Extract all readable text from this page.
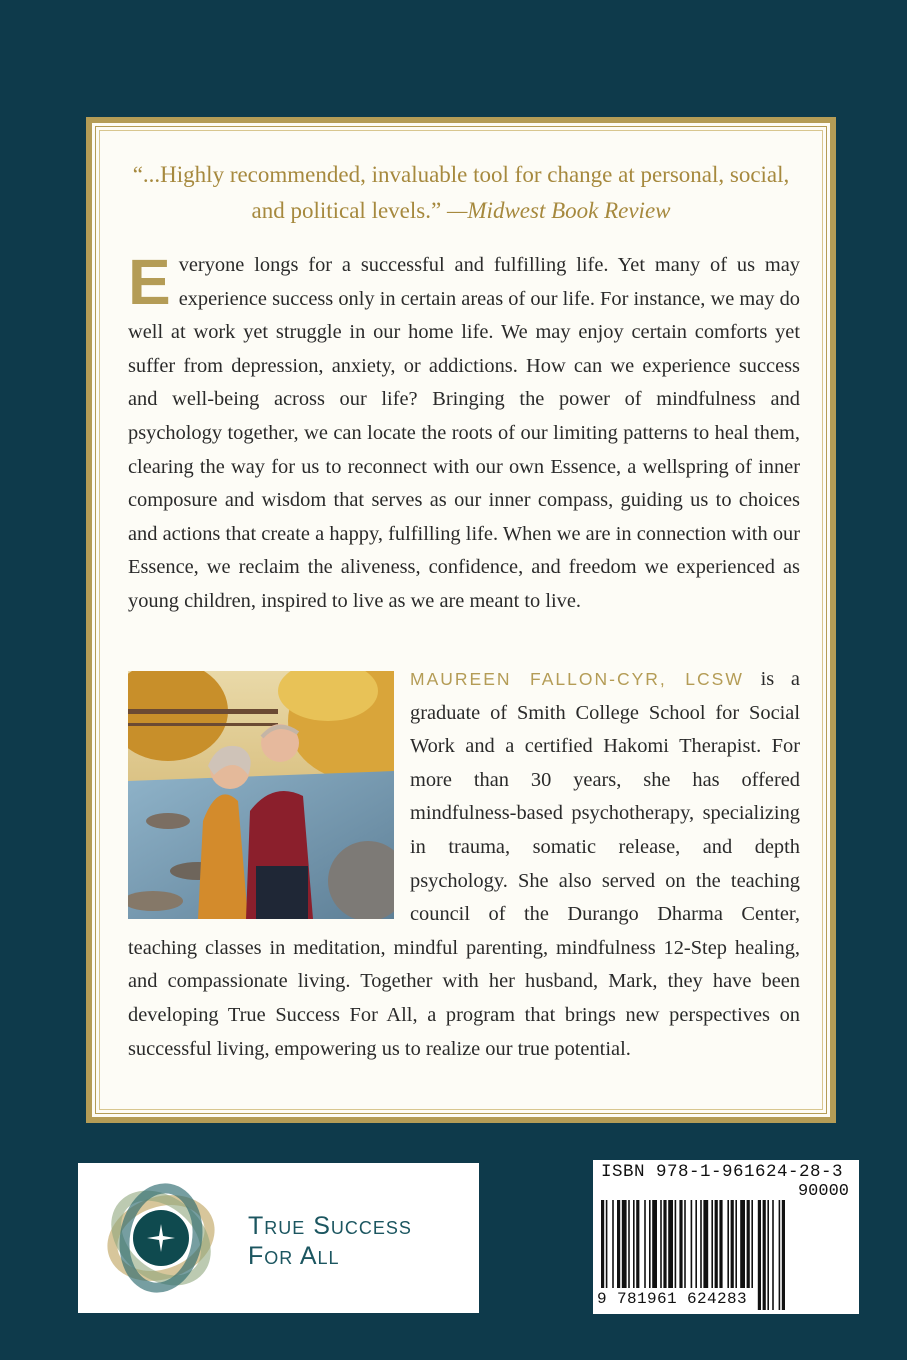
“...Highly recommended, invaluable tool for change at personal, social, and political levels.” —Midwest Book Review

Everyone longs for a successful and fulfilling life. Yet many of us may experience success only in certain areas of our life. For instance, we may do well at work yet struggle in our home life. We may enjoy certain comforts yet suffer from depression, anxiety, or addictions. How can we experience success and well-being across our life? Bringing the power of mindfulness and psychology together, we can locate the roots of our limiting patterns to heal them, clearing the way for us to reconnect with our own Essence, a wellspring of inner composure and wisdom that serves as our inner compass, guiding us to choices and actions that create a happy, fulfilling life. When we are in connection with our Essence, we reclaim the aliveness, confidence, and freedom we experienced as young children, inspired to live as we are meant to live.

MAUREEN FALLON-CYR, LCSW is a graduate of Smith College School for Social Work and a certified Hakomi Therapist. For more than 30 years, she has offered mindfulness-based psychotherapy, specializing in trauma, somatic release, and depth psychology. She also served on the teaching council of the Durango Dharma Center, teaching classes in meditation, mindful parenting, mindfulness 12-Step healing, and compassionate living. Together with her husband, Mark, they have been developing True Success For All, a program that brings new perspectives on successful living, empowering us to realize our true potential.

True Success
For All
ISBN 978-1-961624-28-3
90000
9 781961 624283
